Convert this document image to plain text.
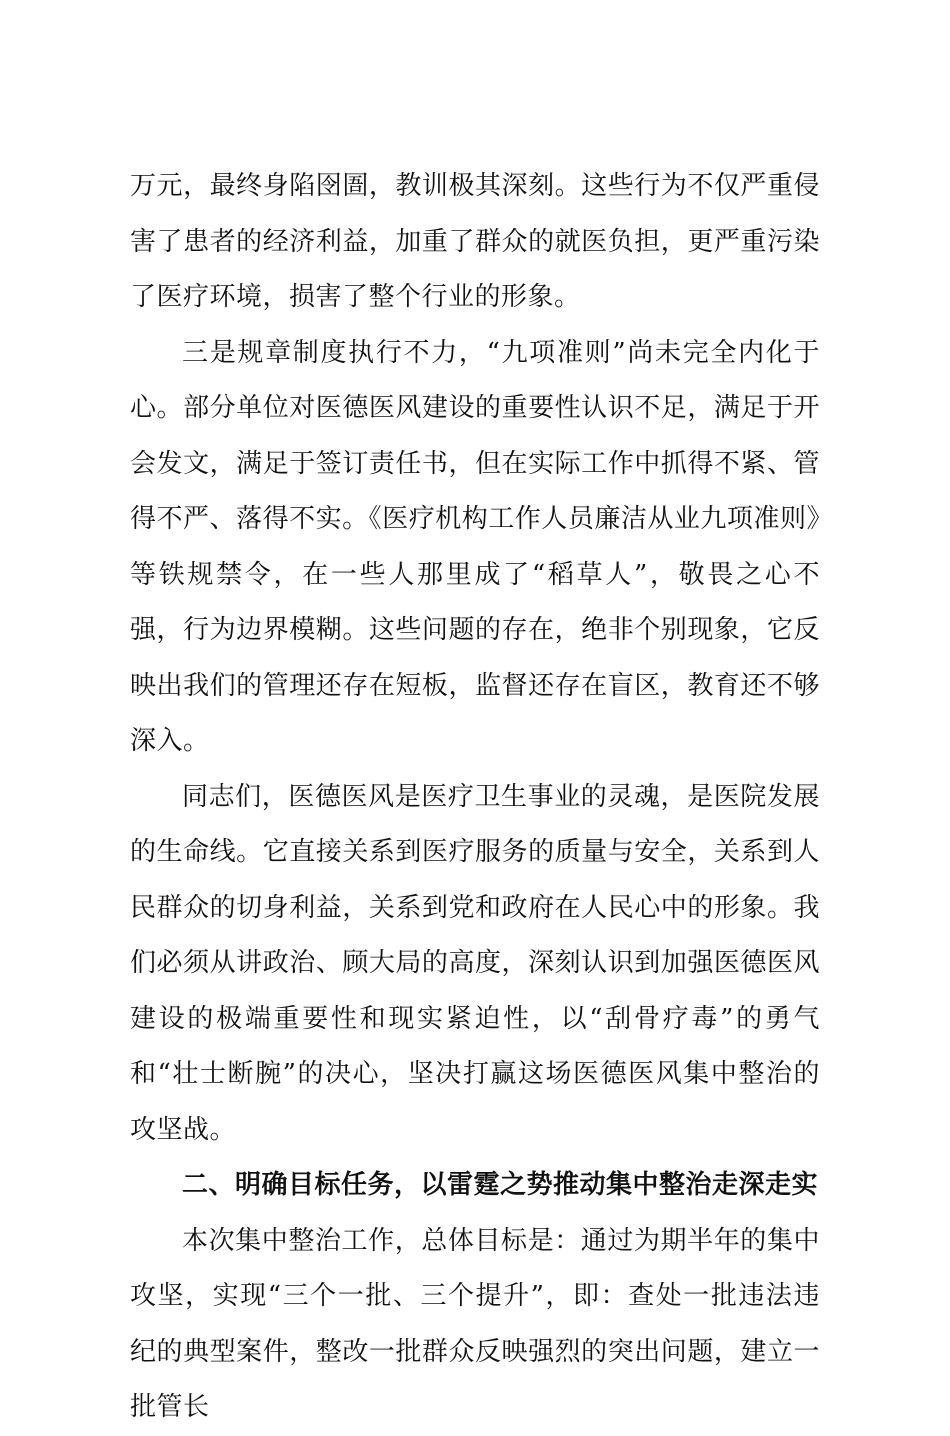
万元，最终身陷囹圄，教训极其深刻。这些行为不仅严重侵害了患者的经济利益，加重了群众的就医负担，更严重污染了医疗环境，损害了整个行业的形象。

三是规章制度执行不力，“九项准则”尚未完全内化于心。部分单位对医德医风建设的重要性认识不足，满足于开会发文，满足于签订责任书，但在实际工作中抓得不紧、管得不严、落得不实。《医疗机构工作人员廉洁从业九项准则》等铁规禁令，在一些人那里成了“稻草人”，敬畏之心不强，行为边界模糊。这些问题的存在，绝非个别现象，它反映出我们的管理还存在短板，监督还存在盲区，教育还不够深入。

同志们，医德医风是医疗卫生事业的灵魂，是医院发展的生命线。它直接关系到医疗服务的质量与安全，关系到人民群众的切身利益，关系到党和政府在人民心中的形象。我们必须从讲政治、顾大局的高度，深刻认识到加强医德医风建设的极端重要性和现实紧迫性，以“刮骨疗毒”的勇气和“壮士断腕”的决心，坚决打赢这场医德医风集中整治的攻坚战。

二、明确目标任务，以雷霆之势推动集中整治走深走实

本次集中整治工作，总体目标是：通过为期半年的集中攻坚，实现“三个一批、三个提升”，即：查处一批违法违纪的典型案件，整改一批群众反映强烈的突出问题，建立一批管长
